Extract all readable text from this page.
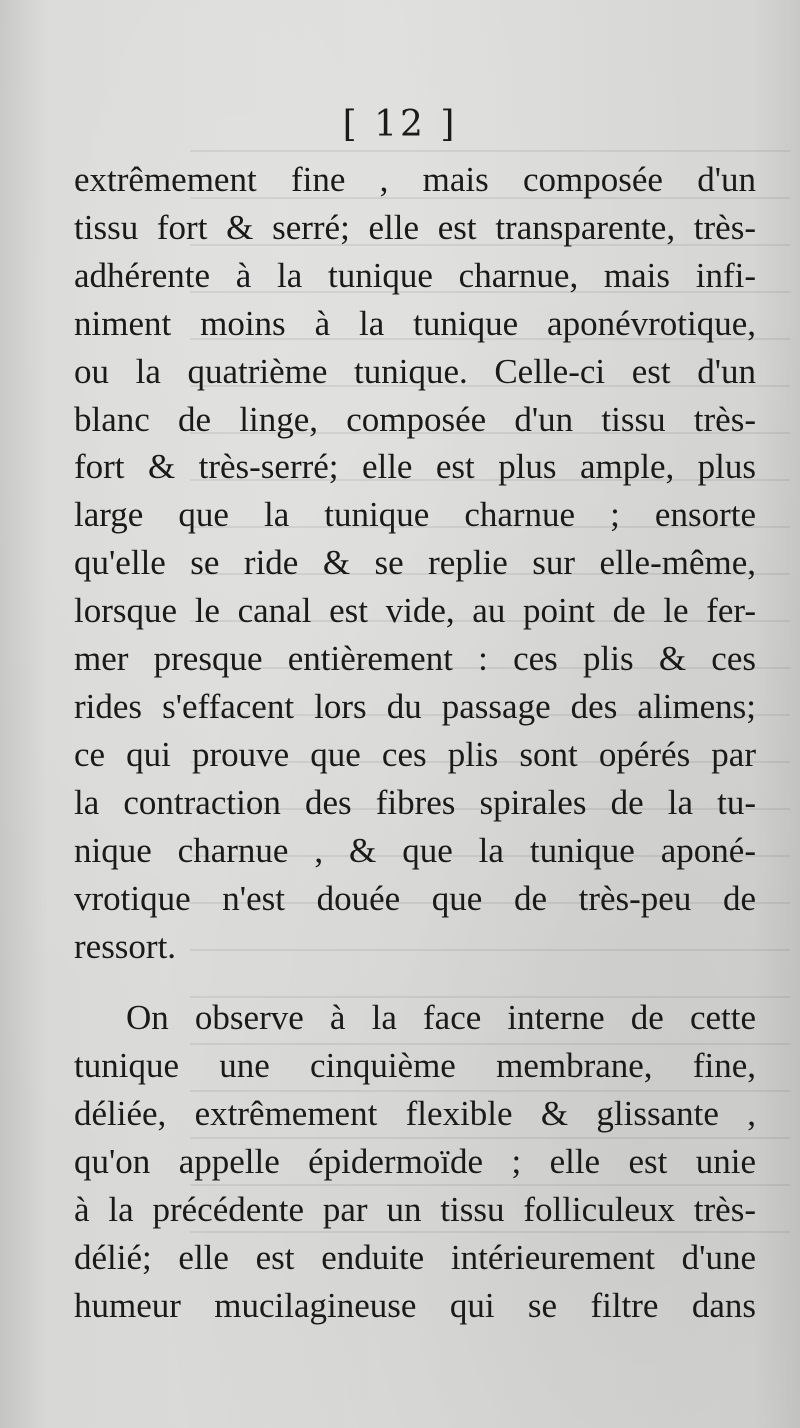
[ 12 ]
extrêmement fine , mais composée d'un
tissu fort & serré; elle est transparente, très-
adhérente à la tunique charnue, mais infi-
niment moins à la tunique aponévrotique,
ou la quatrième tunique. Celle-ci est d'un
blanc de linge, composée d'un tissu très-
fort & très-serré; elle est plus ample, plus
large que la tunique charnue ; ensorte
qu'elle se ride & se replie sur elle-même,
lorsque le canal est vide, au point de le fer-
mer presque entièrement : ces plis & ces
rides s'effacent lors du passage des alimens;
ce qui prouve que ces plis sont opérés par
la contraction des fibres spirales de la tu-
nique charnue , & que la tunique aponé-
vrotique n'est douée que de très-peu de
ressort.
On observe à la face interne de cette
tunique une cinquième membrane, fine,
déliée, extrêmement flexible & glissante ,
qu'on appelle épidermoïde ; elle est unie
à la précédente par un tissu folliculeux très-
délié; elle est enduite intérieurement d'une
humeur mucilagineuse qui se filtre dans
